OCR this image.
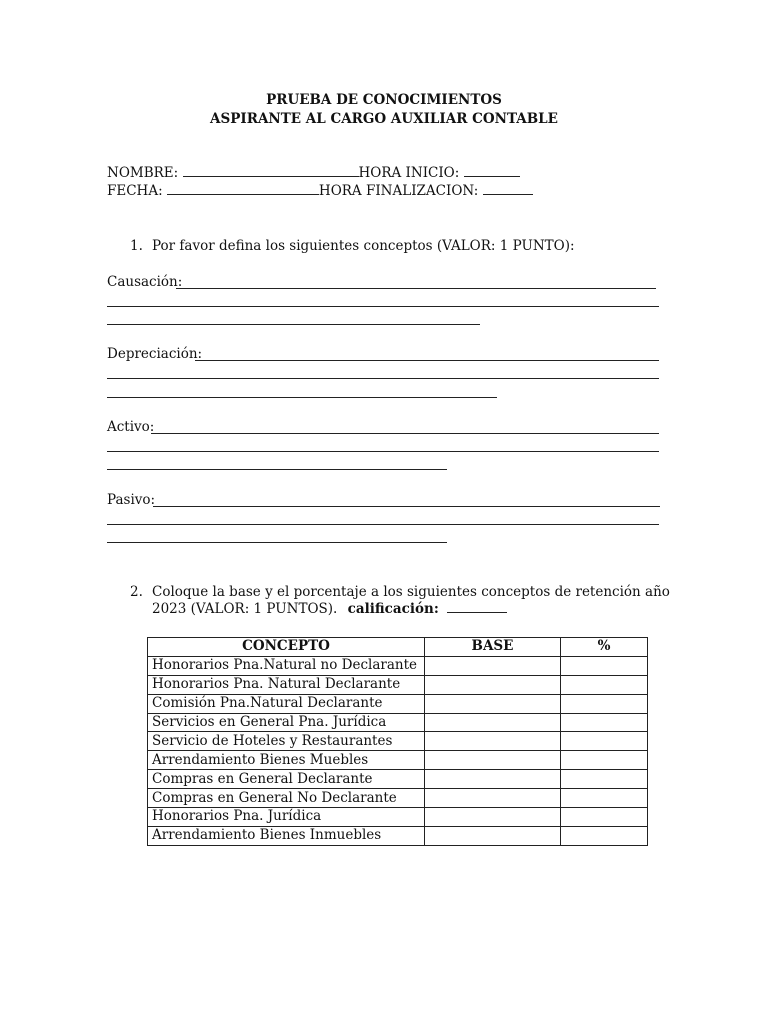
PRUEBA DE CONOCIMIENTOS
ASPIRANTE AL CARGO AUXILIAR CONTABLE
NOMBRE:	HORA INICIO:
FECHA:	HORA FINALIZACION:
1. Por favor defina los siguientes conceptos (VALOR: 1 PUNTO):
Causación:
Depreciación:
Activo:
Pasivo:
2. Coloque la base y el porcentaje a los siguientes conceptos de retención año
2023 (VALOR: 1 PUNTOS). calificación:
CONCEPTO	BASE	%
Honorarios Pna.Natural no Declarante		
Honorarios Pna. Natural Declarante		
Comisión Pna.Natural Declarante		
Servicios en General Pna. Jurídica		
Servicio de Hoteles y Restaurantes		
Arrendamiento Bienes Muebles		
Compras en General Declarante		
Compras en General No Declarante		
Honorarios Pna. Jurídica		
Arrendamiento Bienes Inmuebles		
